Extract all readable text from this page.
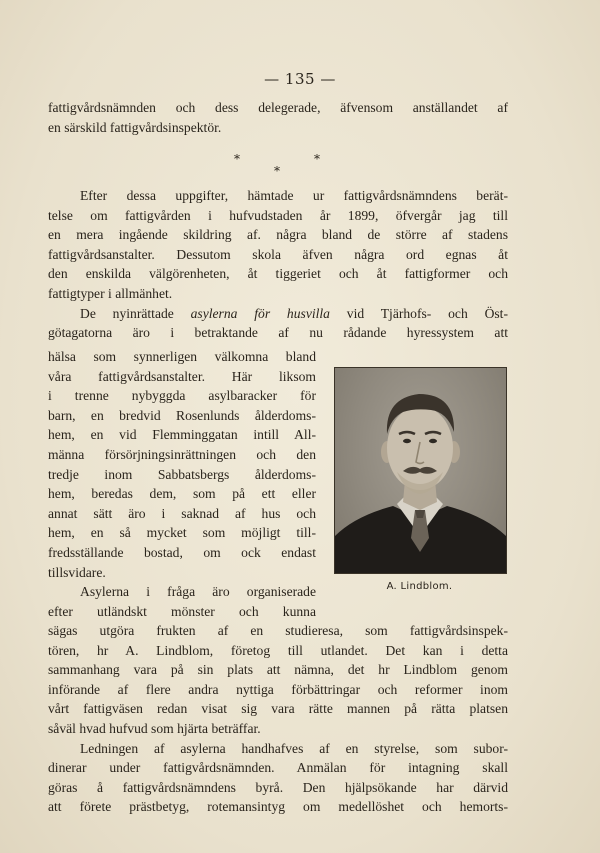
— 135 —
fattigvårdsnämnden och dess delegerade, äfvensom anställandet af
en särskild fattigvårdsinspektör.
*	*
*
Efter dessa uppgifter, hämtade ur fattigvårdsnämndens berät-
telse om fattigvården i hufvudstaden år 1899, öfvergår jag till
en mera ingående skildring af. några bland de större af stadens
fattigvårdsanstalter. Dessutom skola äfven några ord egnas åt
den enskilda välgörenheten, åt tiggeriet och åt fattigformer och
fattigtyper i allmänhet.
De nyinrättade asylerna för husvilla vid Tjärhofs- och Öst-
götagatorna äro i betraktande af nu rådande hyressystem att
hälsa som synnerligen välkomna bland
våra fattigvårdsanstalter. Här liksom
i trenne nybyggda asylbaracker för
barn, en bredvid Rosenlunds ålderdoms-
hem, en vid Flemminggatan intill All-
männa försörjningsinrättningen och den
tredje inom Sabbatsbergs ålderdoms-
hem, beredas dem, som på ett eller
annat sätt äro i saknad af hus och
hem, en så mycket som möjligt till-
fredsställande bostad, om ock endast
tillsvidare.
Asylerna i fråga äro organiserade
efter utländskt mönster och kunna
sägas utgöra frukten af en studieresa, som fattigvårdsinspek-
tören, hr A. Lindblom, företog till utlandet. Det kan i detta
sammanhang vara på sin plats att nämna, det hr Lindblom genom
införande af flere andra nyttiga förbättringar och reformer inom
vårt fattigväsen redan visat sig vara rätte mannen på rätta platsen
såväl hvad hufvud som hjärta beträffar.
Ledningen af asylerna handhafves af en styrelse, som subor-
dinerar under fattigvårdsnämnden. Anmälan för intagning skall
göras å fattigvårdsnämndens byrå. Den hjälpsökande har därvid
att förete prästbetyg, rotemansintyg om medellöshet och hemorts-
A. Lindblom.
